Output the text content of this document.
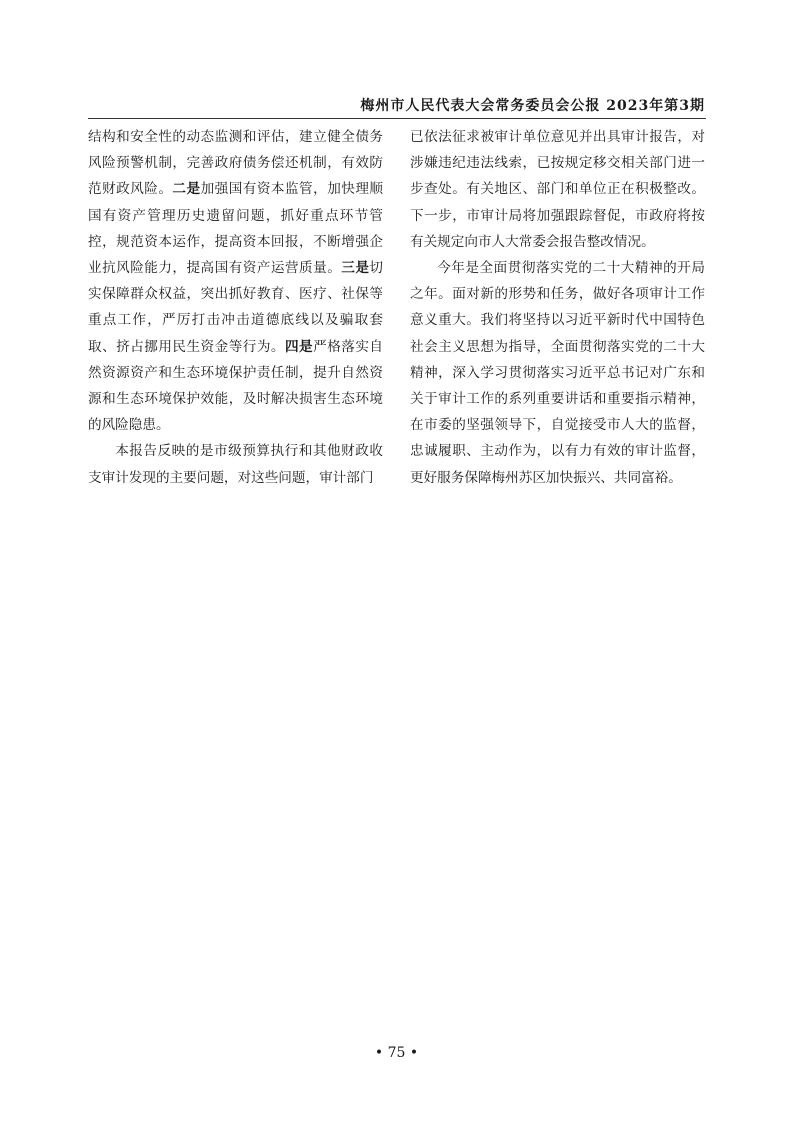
梅州市人民代表大会常务委员会公报 2023年第3期

结构和安全性的动态监测和评估，建立健全债务风险预警机制，完善政府债务偿还机制，有效防范财政风险。二是加强国有资本监管，加快理顺国有资产管理历史遗留问题，抓好重点环节管控，规范资本运作，提高资本回报，不断增强企业抗风险能力，提高国有资产运营质量。三是切实保障群众权益，突出抓好教育、医疗、社保等重点工作，严厉打击冲击道德底线以及骗取套取、挤占挪用民生资金等行为。四是严格落实自然资源资产和生态环境保护责任制，提升自然资源和生态环境保护效能，及时解决损害生态环境的风险隐患。

本报告反映的是市级预算执行和其他财政收支审计发现的主要问题，对这些问题，审计部门

已依法征求被审计单位意见并出具审计报告，对涉嫌违纪违法线索，已按规定移交相关部门进一步查处。有关地区、部门和单位正在积极整改。下一步，市审计局将加强跟踪督促，市政府将按有关规定向市人大常委会报告整改情况。

今年是全面贯彻落实党的二十大精神的开局之年。面对新的形势和任务，做好各项审计工作意义重大。我们将坚持以习近平新时代中国特色社会主义思想为指导，全面贯彻落实党的二十大精神，深入学习贯彻落实习近平总书记对广东和关于审计工作的系列重要讲话和重要指示精神，在市委的坚强领导下，自觉接受市人大的监督，忠诚履职、主动作为，以有力有效的审计监督，更好服务保障梅州苏区加快振兴、共同富裕。

• 75 •
